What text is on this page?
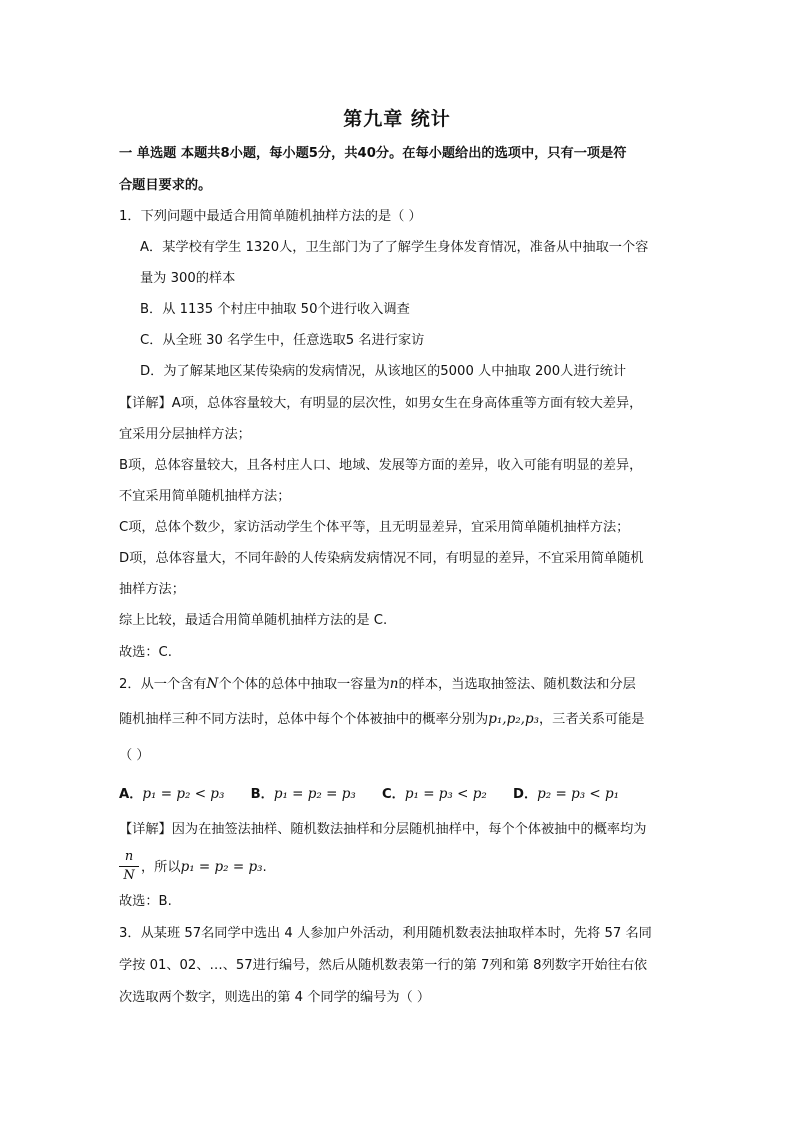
第九章 统计
一 单选题 本题共8小题，每小题5分，共40分。在每小题给出的选项中，只有一项是符
合题目要求的。
1．下列问题中最适合用简单随机抽样方法的是（ ）
A．某学校有学生 1320人，卫生部门为了了解学生身体发育情况，准备从中抽取一个容
量为 300的样本
B．从 1135 个村庄中抽取 50个进行收入调查
C．从全班 30 名学生中，任意选取5 名进行家访
D．为了解某地区某传染病的发病情况，从该地区的5000 人中抽取 200人进行统计
【详解】A项，总体容量较大，有明显的层次性，如男女生在身高体重等方面有较大差异，
宜采用分层抽样方法；
B项，总体容量较大，且各村庄人口、地域、发展等方面的差异，收入可能有明显的差异，
不宜采用简单随机抽样方法；
C项，总体个数少，家访活动学生个体平等，且无明显差异，宜采用简单随机抽样方法；
D项，总体容量大，不同年龄的人传染病发病情况不同，有明显的差异，不宜采用简单随机
抽样方法；
综上比较，最适合用简单随机抽样方法的是 C.
故选：C.
2．从一个含有N个个体的总体中抽取一容量为n的样本，当选取抽签法、随机数法和分层
随机抽样三种不同方法时，总体中每个个体被抽中的概率分别为p₁,p₂,p₃，三者关系可能是
（ ）
A．p₁ = p₂ < p₃ B．p₁ = p₂ = p₃ C．p₁ = p₃ < p₂ D．p₂ = p₃ < p₁
【详解】因为在抽签法抽样、随机数法抽样和分层随机抽样中，每个个体被抽中的概率均为
$\frac{n}{N}$ ，所以p₁ = p₂ = p₃.
故选：B.
3．从某班 57名同学中选出 4 人参加户外活动，利用随机数表法抽取样本时，先将 57 名同
学按 01、02、…、57进行编号，然后从随机数表第一行的第 7列和第 8列数字开始往右依
次选取两个数字，则选出的第 4 个同学的编号为（ ）
